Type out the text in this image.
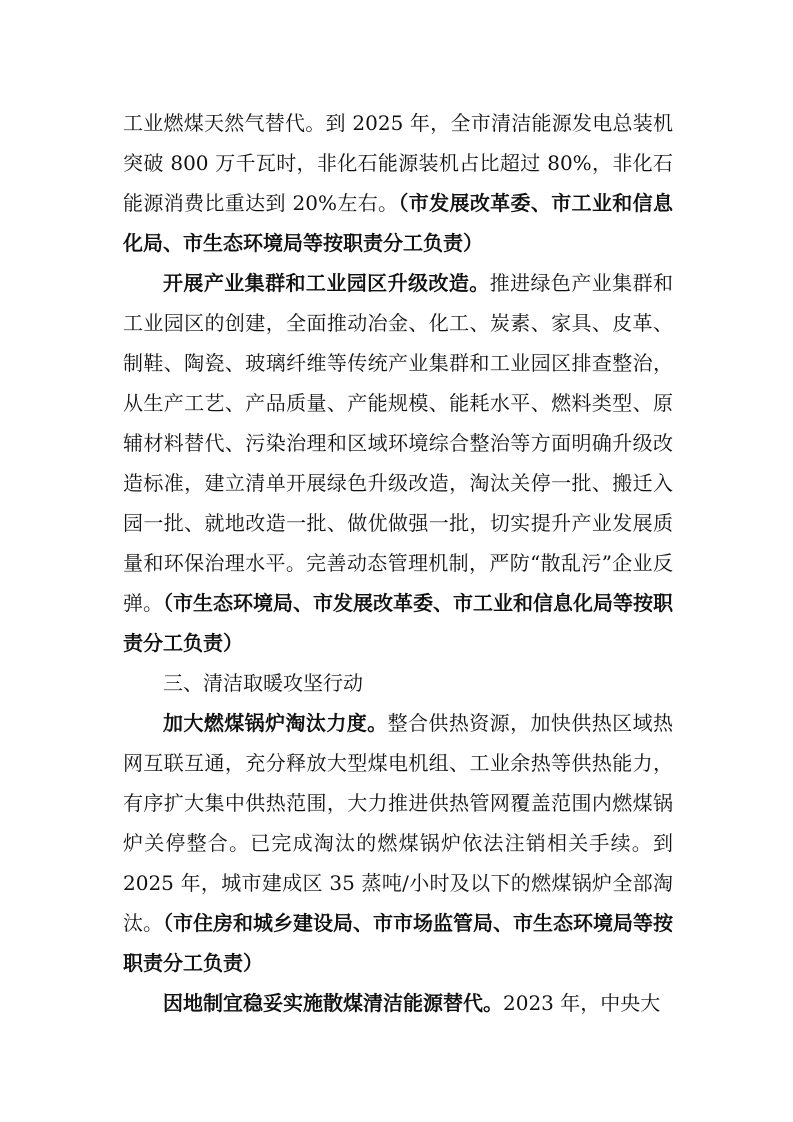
工业燃煤天然气替代。到 2025 年，全市清洁能源发电总装机突破 800 万千瓦时，非化石能源装机占比超过 80%，非化石能源消费比重达到 20%左右。（市发展改革委、市工业和信息化局、市生态环境局等按职责分工负责）

开展产业集群和工业园区升级改造。推进绿色产业集群和工业园区的创建，全面推动冶金、化工、炭素、家具、皮革、制鞋、陶瓷、玻璃纤维等传统产业集群和工业园区排查整治，从生产工艺、产品质量、产能规模、能耗水平、燃料类型、原辅材料替代、污染治理和区域环境综合整治等方面明确升级改造标准，建立清单开展绿色升级改造，淘汰关停一批、搬迁入园一批、就地改造一批、做优做强一批，切实提升产业发展质量和环保治理水平。完善动态管理机制，严防“散乱污”企业反弹。（市生态环境局、市发展改革委、市工业和信息化局等按职责分工负责）

三、清洁取暖攻坚行动

加大燃煤锅炉淘汰力度。整合供热资源，加快供热区域热网互联互通，充分释放大型煤电机组、工业余热等供热能力，有序扩大集中供热范围，大力推进供热管网覆盖范围内燃煤锅炉关停整合。已完成淘汰的燃煤锅炉依法注销相关手续。到 2025 年，城市建成区 35 蒸吨/小时及以下的燃煤锅炉全部淘汰。（市住房和城乡建设局、市市场监管局、市生态环境局等按职责分工负责）

因地制宜稳妥实施散煤清洁能源替代。2023 年，中央大
